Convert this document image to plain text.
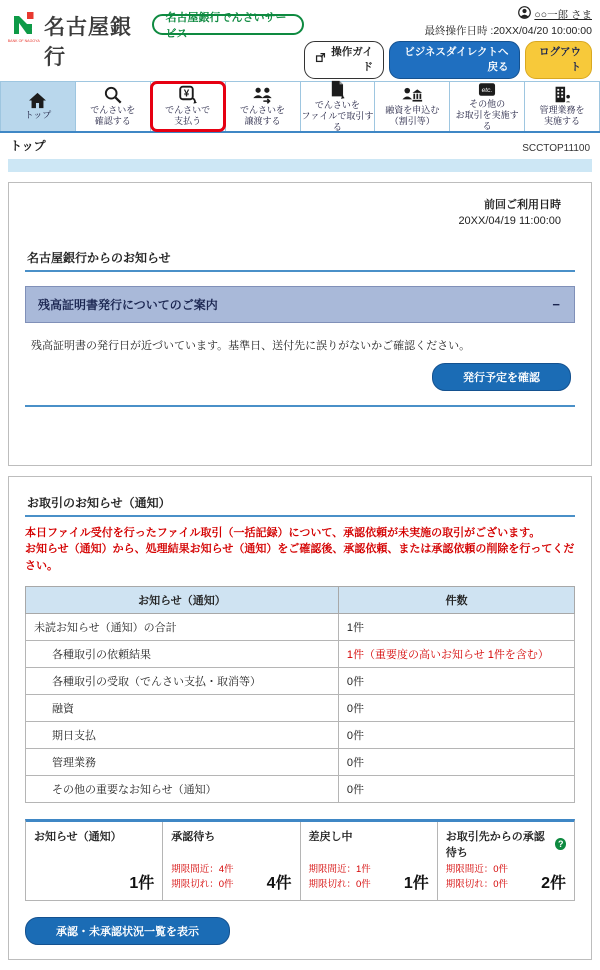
BANK OF NAGOYA
名古屋銀行
名古屋銀行でんさいサービス
○○一郎 さま
最終操作日時 :20XX/04/20 10:00:00
操作ガイド
ビジネスダイレクトへ戻る
ログアウト
トップ	でんさいを
確認する
¥
でんさいで
支払う
でんさいを
譲渡する
でんさいを
ファイルで取引する
融資を申込む
（割引等）
etc.
その他の
お取引を実施する
管理業務を
実施する
トップ	SCCTOP11100
前回ご利用日時
20XX/04/19 11:00:00
名古屋銀行からのお知らせ
残高証明書発行についてのご案内	−
残高証明書の発行日が近づいています。基準日、送付先に誤りがないかご確認ください。
発行予定を確認
お取引のお知らせ（通知）
本日ファイル受付を行ったファイル取引（一括記録）について、承認依頼が未実施の取引がございます。
お知らせ（通知）から、処理結果お知らせ（通知）をご確認後、承認依頼、または承認依頼の削除を行ってください。
お知らせ（通知）	件数
未読お知らせ（通知）の合計	1件
各種取引の依頼結果	1件（重要度の高いお知らせ 1件を含む）
各種取引の受取（でんさい支払・取消等）	0件
融資	0件
期日支払	0件
管理業務	0件
その他の重要なお知らせ（通知）	0件
お知らせ（通知）
1件
承認待ち
期限間近：4件
期限切れ：0件 4件
差戻し中
期限間近：1件
期限切れ：0件 1件
お取引先からの承認待ち
?
期限間近：0件
期限切れ：0件 2件
承認・未承認状況一覧を表示
